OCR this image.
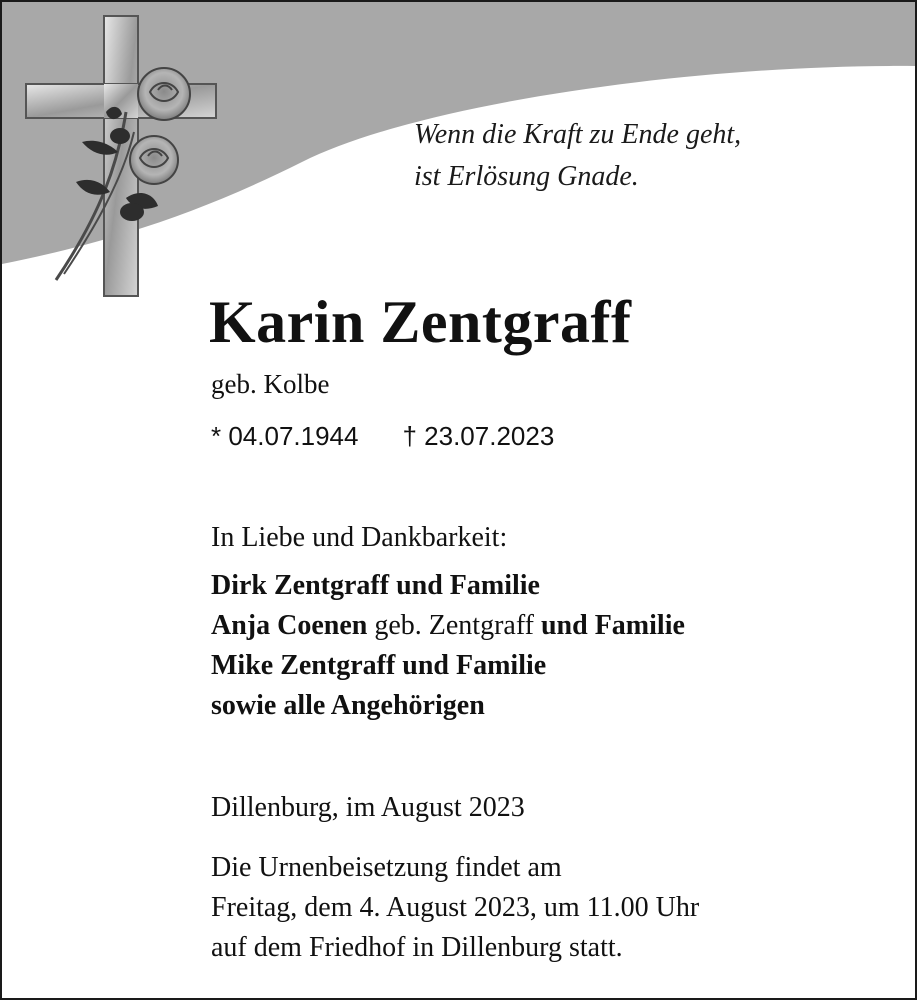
Wenn die Kraft zu Ende geht,
ist Erlösung Gnade.
Karin Zentgraff
geb. Kolbe
* 04.07.1944 † 23.07.2023
In Liebe und Dankbarkeit:
Dirk Zentgraff und Familie
Anja Coenen geb. Zentgraff und Familie
Mike Zentgraff und Familie
sowie alle Angehörigen
Dillenburg, im August 2023
Die Urnenbeisetzung findet am
Freitag, dem 4. August 2023, um 11.00 Uhr
auf dem Friedhof in Dillenburg statt.
